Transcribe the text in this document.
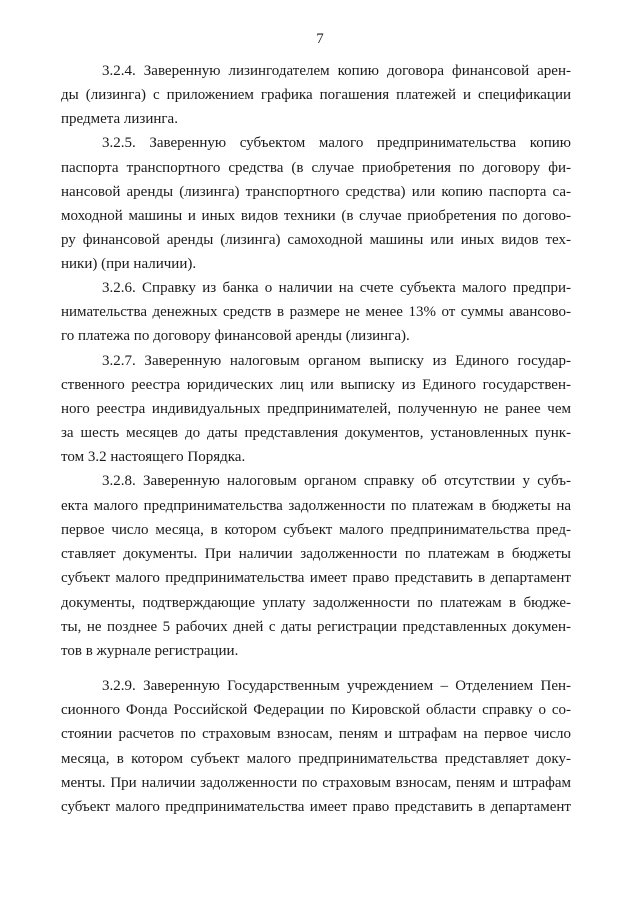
7
3.2.4. Заверенную лизингодателем копию договора финансовой арен-
ды (лизинга) с приложением графика погашения платежей и спецификации
предмета лизинга.
3.2.5. Заверенную субъектом малого предпринимательства копию
паспорта транспортного средства (в случае приобретения по договору фи-
нансовой аренды (лизинга) транспортного средства) или копию паспорта са-
моходной машины и иных видов техники (в случае приобретения по догово-
ру финансовой аренды (лизинга) самоходной машины или иных видов тех-
ники) (при наличии).
3.2.6. Справку из банка о наличии на счете субъекта малого предпри-
нимательства денежных средств в размере не менее 13% от суммы авансово-
го платежа по договору финансовой аренды (лизинга).
3.2.7. Заверенную налоговым органом выписку из Единого государ-
ственного реестра юридических лиц или выписку из Единого государствен-
ного реестра индивидуальных предпринимателей, полученную не ранее чем
за шесть месяцев до даты представления документов, установленных пунк-
том 3.2 настоящего Порядка.
3.2.8. Заверенную налоговым органом справку об отсутствии у субъ-
екта малого предпринимательства задолженности по платежам в бюджеты на
первое число месяца, в котором субъект малого предпринимательства пред-
ставляет документы. При наличии задолженности по платежам в бюджеты
субъект малого предпринимательства имеет право представить в департамент
документы, подтверждающие уплату задолженности по платежам в бюдже-
ты, не позднее 5 рабочих дней с даты регистрации представленных докумен-
тов в журнале регистрации.
3.2.9. Заверенную Государственным учреждением – Отделением Пен-
сионного Фонда Российской Федерации по Кировской области справку о со-
стоянии расчетов по страховым взносам, пеням и штрафам на первое число
месяца, в котором субъект малого предпринимательства представляет доку-
менты. При наличии задолженности по страховым взносам, пеням и штрафам
субъект малого предпринимательства имеет право представить в департамент
